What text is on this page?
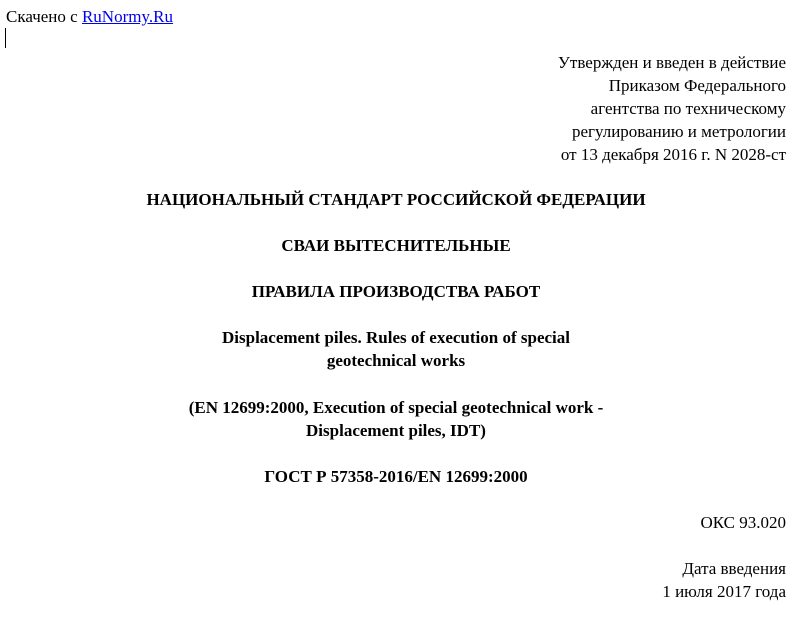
Скачено с RuNormy.Ru
Утвержден и введен в действие
Приказом Федерального
агентства по техническому
регулированию и метрологии
от 13 декабря 2016 г. N 2028-ст
НАЦИОНАЛЬНЫЙ СТАНДАРТ РОССИЙСКОЙ ФЕДЕРАЦИИ
СВАИ ВЫТЕСНИТЕЛЬНЫЕ
ПРАВИЛА ПРОИЗВОДСТВА РАБОТ
Displacement piles. Rules of execution of special
geotechnical works
(EN 12699:2000, Execution of special geotechnical work -
Displacement piles, IDT)
ГОСТ Р 57358-2016/EN 12699:2000
ОКС 93.020
Дата введения
1 июля 2017 года
